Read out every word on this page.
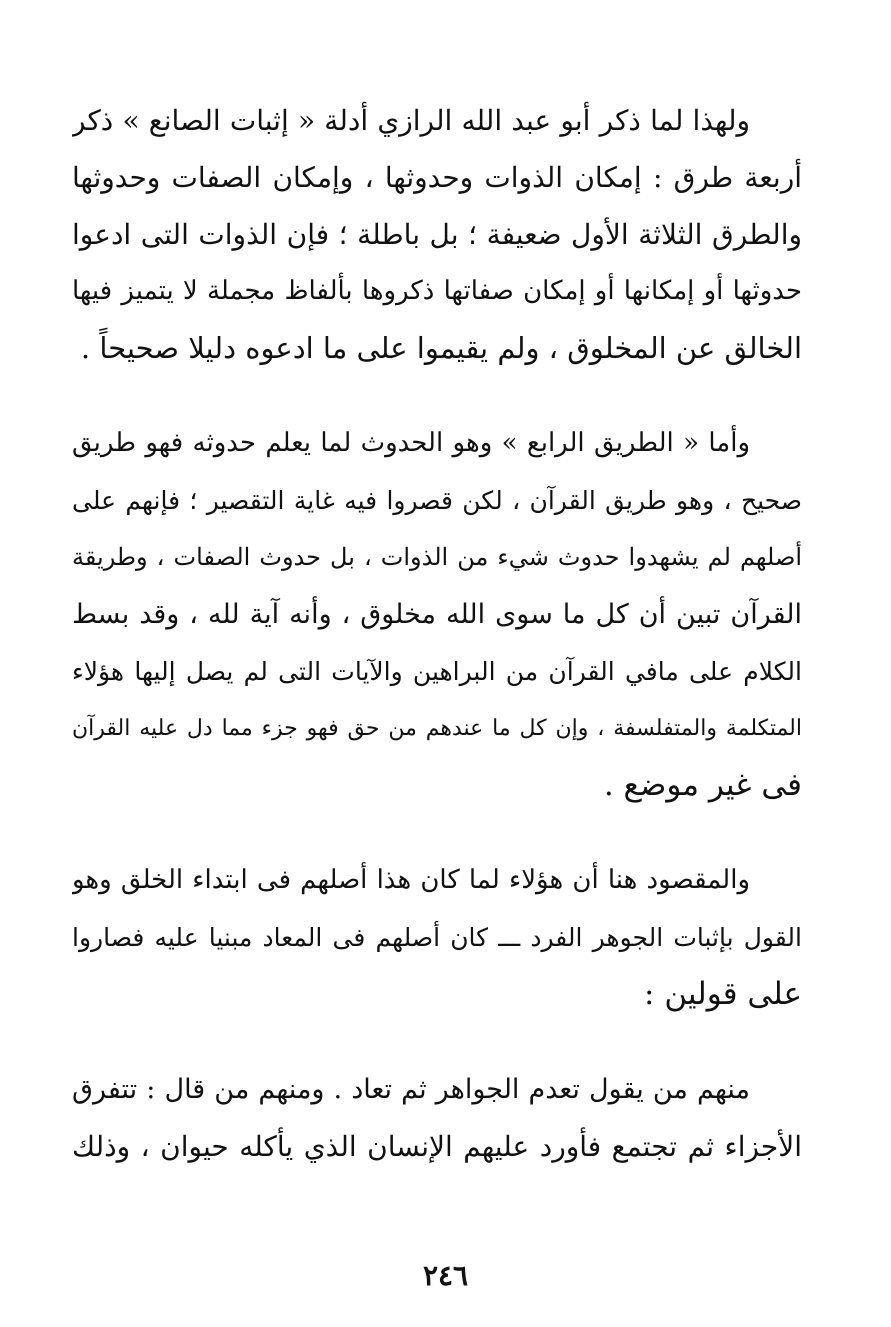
ولهذا لما ذكر أبو عبد الله الرازي أدلة « إثبات الصانع » ذكر
أربعة طرق : إمكان الذوات وحدوثها ، وإمكان الصفات وحدوثها
والطرق الثلاثة الأول ضعيفة ؛ بل باطلة ؛ فإن الذوات التى ادعوا
حدوثها أو إمكانها أو إمكان صفاتها ذكروها بألفاظ مجملة لا يتميز فيها
الخالق عن المخلوق ، ولم يقيموا على ما ادعوه دليلا صحيحاً .
وأما « الطريق الرابع » وهو الحدوث لما يعلم حدوثه فهو طريق
صحيح ، وهو طريق القرآن ، لكن قصروا فيه غاية التقصير ؛ فإنهم على
أصلهم لم يشهدوا حدوث شيء من الذوات ، بل حدوث الصفات ، وطريقة
القرآن تبين أن كل ما سوى الله مخلوق ، وأنه آية لله ، وقد بسط
الكلام على مافي القرآن من البراهين والآيات التى لم يصل إليها هؤلاء
المتكلمة والمتفلسفة ، وإن كل ما عندهم من حق فهو جزء مما دل عليه القرآن
فى غير موضع .
والمقصود هنا أن هؤلاء لما كان هذا أصلهم فى ابتداء الخلق وهو
القول بإثبات الجوهر الفرد ـــ كان أصلهم فى المعاد مبنيا عليه فصاروا
على قولين :
منهم من يقول تعدم الجواهر ثم تعاد . ومنهم من قال : تتفرق
الأجزاء ثم تجتمع فأورد عليهم الإنسان الذي يأكله حيوان ، وذلك
٢٤٦
